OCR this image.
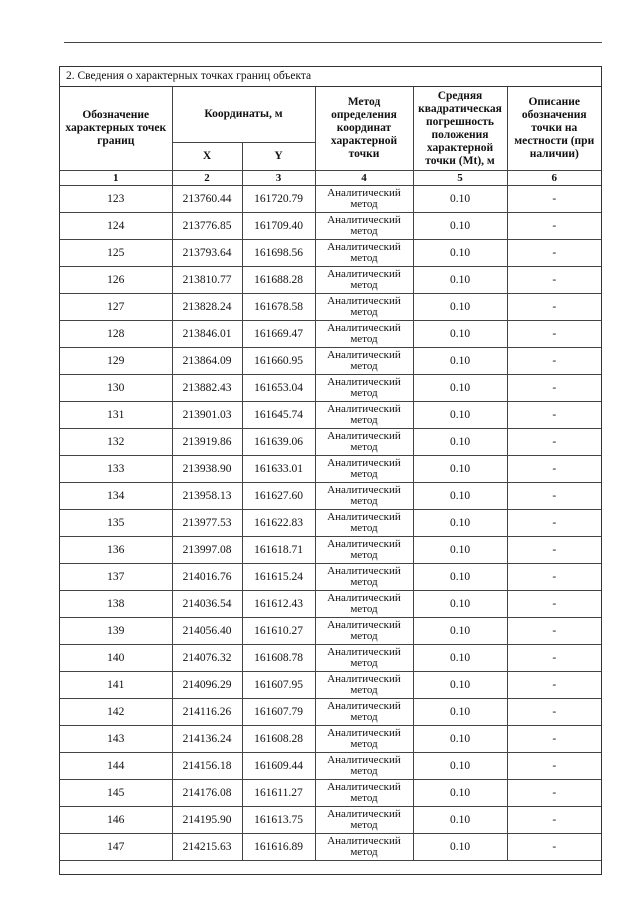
2. Сведения о характерных точках границ объекта
Обозначение характерных точек границ	Координаты, м		Метод определения координат характерной точки	Средняя квадратическая погрешность положения характерной точки (Mt), м	Описание обозначения точки на местности (при наличии)
	X	Y			
1	2	3	4	5	6
123	213760.44	161720.79	Аналитический метод	0.10	-
124	213776.85	161709.40	Аналитический метод	0.10	-
125	213793.64	161698.56	Аналитический метод	0.10	-
126	213810.77	161688.28	Аналитический метод	0.10	-
127	213828.24	161678.58	Аналитический метод	0.10	-
128	213846.01	161669.47	Аналитический метод	0.10	-
129	213864.09	161660.95	Аналитический метод	0.10	-
130	213882.43	161653.04	Аналитический метод	0.10	-
131	213901.03	161645.74	Аналитический метод	0.10	-
132	213919.86	161639.06	Аналитический метод	0.10	-
133	213938.90	161633.01	Аналитический метод	0.10	-
134	213958.13	161627.60	Аналитический метод	0.10	-
135	213977.53	161622.83	Аналитический метод	0.10	-
136	213997.08	161618.71	Аналитический метод	0.10	-
137	214016.76	161615.24	Аналитический метод	0.10	-
138	214036.54	161612.43	Аналитический метод	0.10	-
139	214056.40	161610.27	Аналитический метод	0.10	-
140	214076.32	161608.78	Аналитический метод	0.10	-
141	214096.29	161607.95	Аналитический метод	0.10	-
142	214116.26	161607.79	Аналитический метод	0.10	-
143	214136.24	161608.28	Аналитический метод	0.10	-
144	214156.18	161609.44	Аналитический метод	0.10	-
145	214176.08	161611.27	Аналитический метод	0.10	-
146	214195.90	161613.75	Аналитический метод	0.10	-
147	214215.63	161616.89	Аналитический метод	0.10	-
